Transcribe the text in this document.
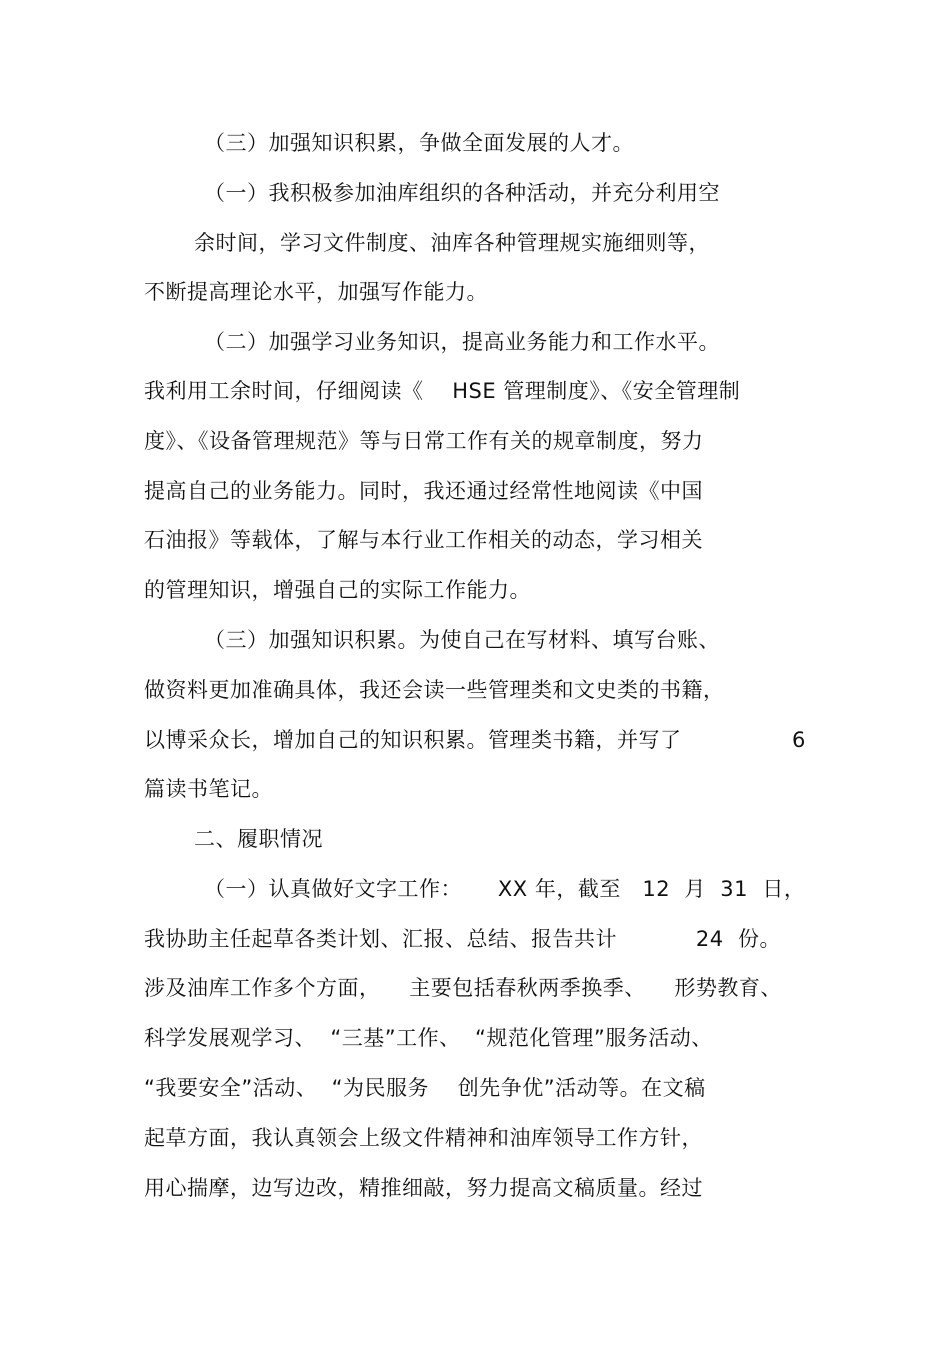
（三）加强知识积累，争做全面发展的人才。
（一）我积极参加油库组织的各种活动，并充分利用空
余时间，学习文件制度、油库各种管理规实施细则等，
不断提高理论水平，加强写作能力。
（二）加强学习业务知识，提高业务能力和工作水平。
我利用工余时间，仔细阅读《    HSE 管理制度》、《安全管理制
度》、《设备管理规范》等与日常工作有关的规章制度，努力
提高自己的业务能力。同时，我还通过经常性地阅读《中国
石油报》等载体，了解与本行业工作相关的动态，学习相关
的管理知识，增强自己的实际工作能力。
（三）加强知识积累。为使自己在写材料、填写台账、
做资料更加准确具体，我还会读一些管理类和文史类的书籍，
以博采众长，增加自己的知识积累。管理类书籍，并写了	6
篇读书笔记。
二、履职情况
（一）认真做好文字工作：     XX 年，截至   12  月  31  日，
我协助主任起草各类计划、汇报、总结、报告共计           24  份。
涉及油库工作多个方面，    主要包括春秋两季换季、    形势教育、
科学发展观学习、  “三基”工作、  “规范化管理”服务活动、
“我要安全”活动、  “为民服务    创先争优”活动等。在文稿
起草方面，我认真领会上级文件精神和油库领导工作方针，
用心揣摩，边写边改，精推细敲，努力提高文稿质量。经过
